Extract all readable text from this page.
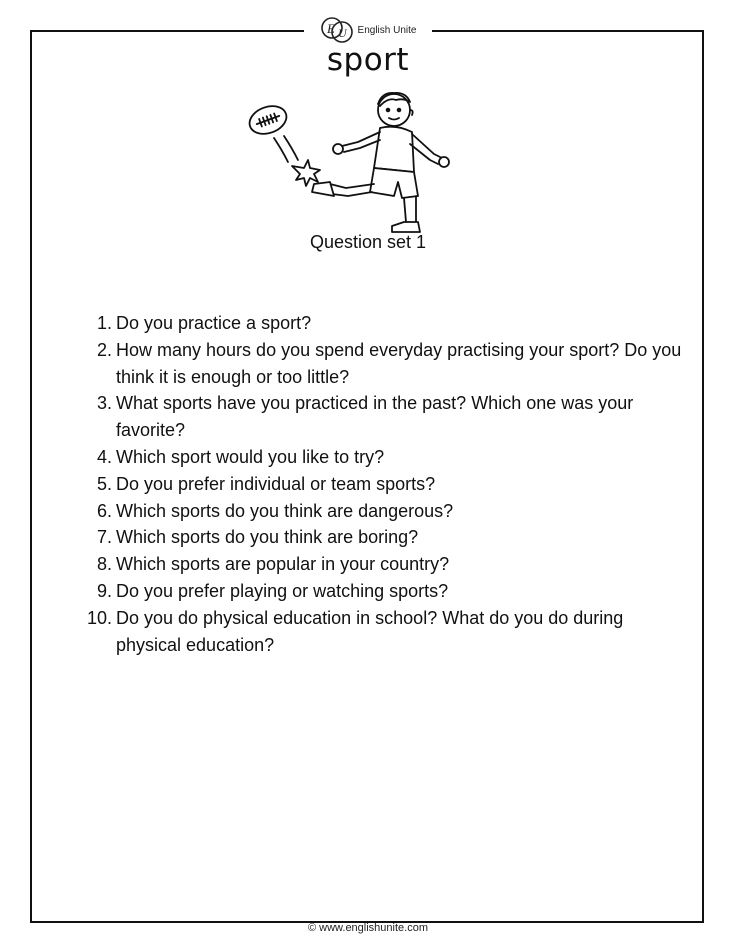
E U English Unite
sport
Question set 1
1. Do you practice a sport?
2. How many hours do you spend everyday practising your sport? Do you think it is enough or too little?
3. What sports have you practiced in the past? Which one was your favorite?
4. Which sport would you like to try?
5. Do you prefer individual or team sports?
6. Which sports do you think are dangerous?
7. Which sports do you think are boring?
8. Which sports are popular in your country?
9. Do you prefer playing or watching sports?
10. Do you do physical education in school? What do you do during physical education?
© www.englishunite.com
